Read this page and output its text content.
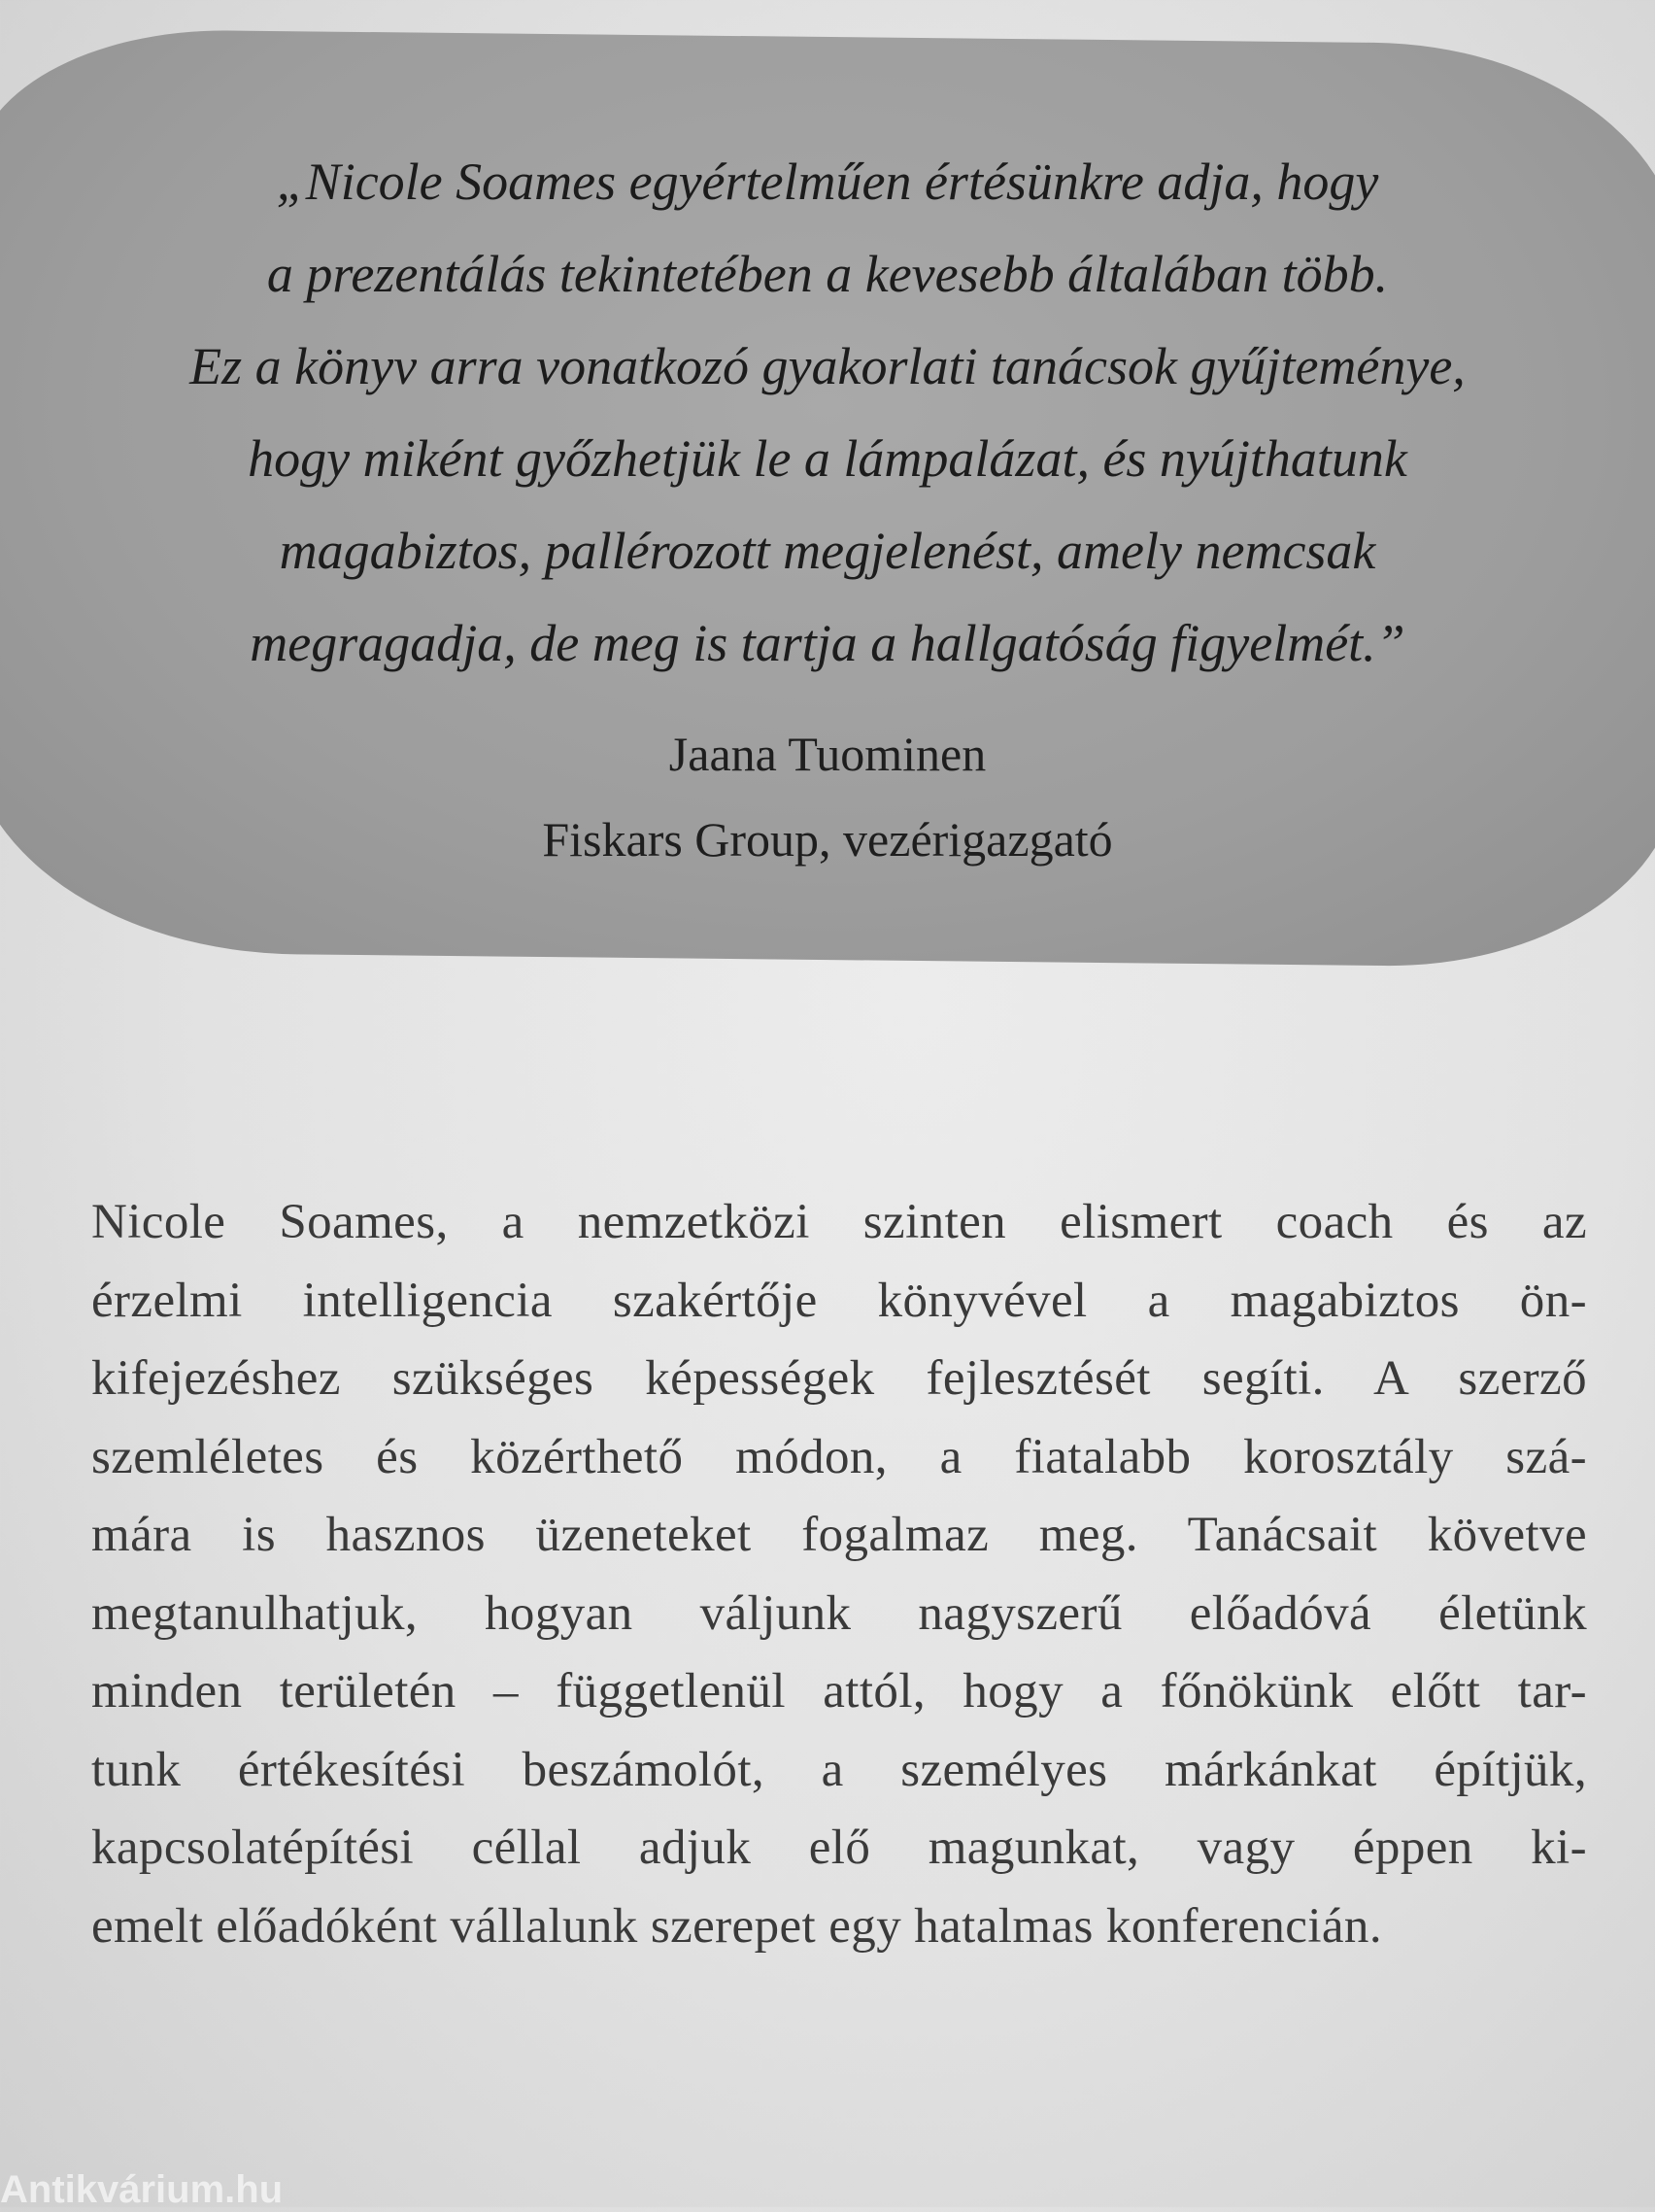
„Nicole Soames egyértelműen értésünkre adja, hogy
a prezentálás tekintetében a kevesebb általában több.
Ez a könyv arra vonatkozó gyakorlati tanácsok gyűjteménye,
hogy miként győzhetjük le a lámpalázat, és nyújthatunk
magabiztos, pallérozott megjelenést, amely nemcsak
megragadja, de meg is tartja a hallgatóság figyelmét.”
Jaana Tuominen
Fiskars Group, vezérigazgató
Nicole Soames, a nemzetközi szinten elismert coach és az
érzelmi intelligencia szakértője könyvével a magabiztos ön-
kifejezéshez szükséges képességek fejlesztését segíti. A szerző
szemléletes és közérthető módon, a fiatalabb korosztály szá-
mára is hasznos üzeneteket fogalmaz meg. Tanácsait követve
megtanulhatjuk, hogyan váljunk nagyszerű előadóvá életünk
minden területén – függetlenül attól, hogy a főnökünk előtt tar-
tunk értékesítési beszámolót, a személyes márkánkat építjük,
kapcsolatépítési céllal adjuk elő magunkat, vagy éppen ki-
emelt előadóként vállalunk szerepet egy hatalmas konferencián.
Antikvárium.hu
